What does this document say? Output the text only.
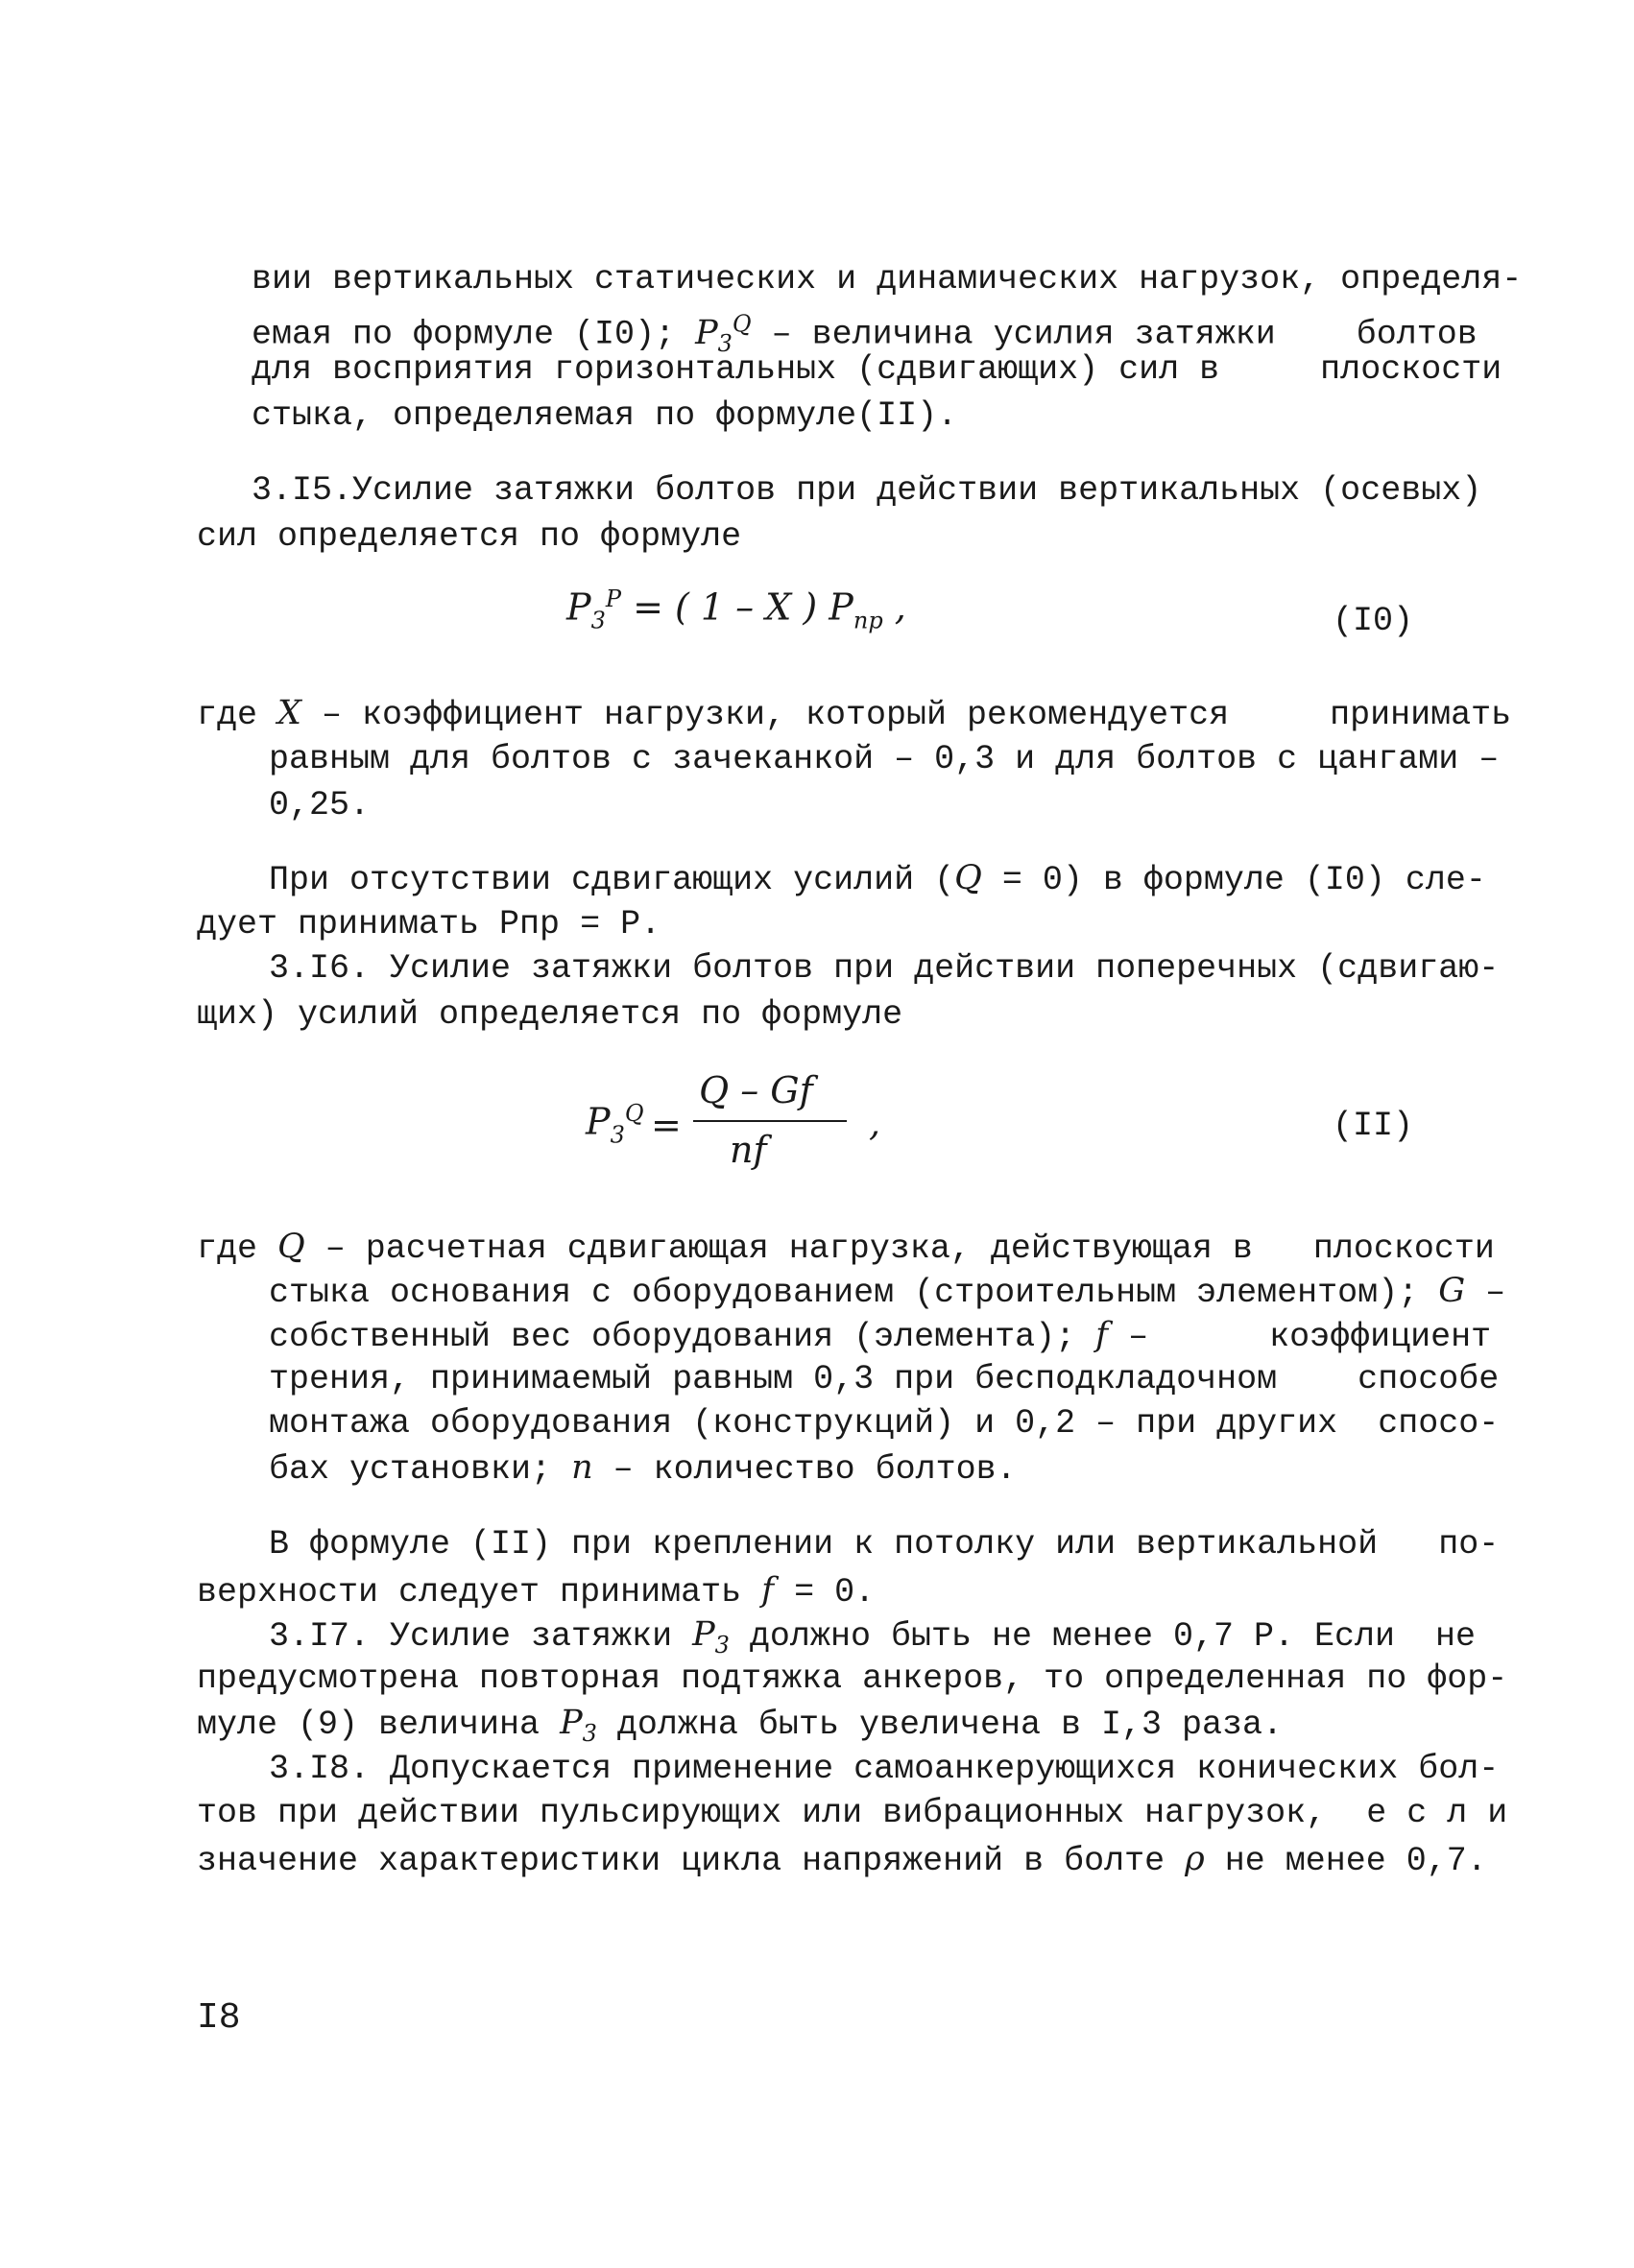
вии вертикальных статических и динамических нагрузок, определя-
емая по формуле (I0); $P_3^Q$ – величина усилия затяжки    болтов
для восприятия горизонтальных (сдвигающих) сил в     плоскости
стыка, определяемая по формуле(II).
3.I5.Усилие затяжки болтов при действии вертикальных (осевых)
сил определяется по формуле
$P_3^P$ = ( 1 – X ) $P_{пр}$ ,	(I0)
где X – коэффициент нагрузки, который рекомендуется     принимать
равным для болтов с зачеканкой – 0,3 и для болтов с цангами –
0,25.
При отсутствии сдвигающих усилий (Q = 0) в формуле (I0) сле-
дует принимать Рпр = Р.
3.I6. Усилие затяжки болтов при действии поперечных (сдвигаю-
щих) усилий определяется по формуле
$P_3^Q$ =
Q – Gf
nf
,	(II)
где Q – расчетная сдвигающая нагрузка, действующая в   плоскости
стыка основания с оборудованием (строительным элементом); G –
собственный вес оборудования (элемента); f –      коэффициент
трения, принимаемый равным 0,3 при бесподкладочном    способе
монтажа оборудования (конструкций) и 0,2 – при других  спосо-
бах установки; n – количество болтов.
В формуле (II) при креплении к потолку или вертикальной   по-
верхности следует принимать f = 0.
3.I7. Усилие затяжки $P_3$ должно быть не менее 0,7 Р. Если  не
предусмотрена повторная подтяжка анкеров, то определенная по фор-
муле (9) величина $P_3$ должна быть увеличена в I,3 раза.
3.I8. Допускается применение самоанкерующихся конических бол-
тов при действии пульсирующих или вибрационных нагрузок,  е с л и
значение характеристики цикла напряжений в болте ρ не менее 0,7.
I8
